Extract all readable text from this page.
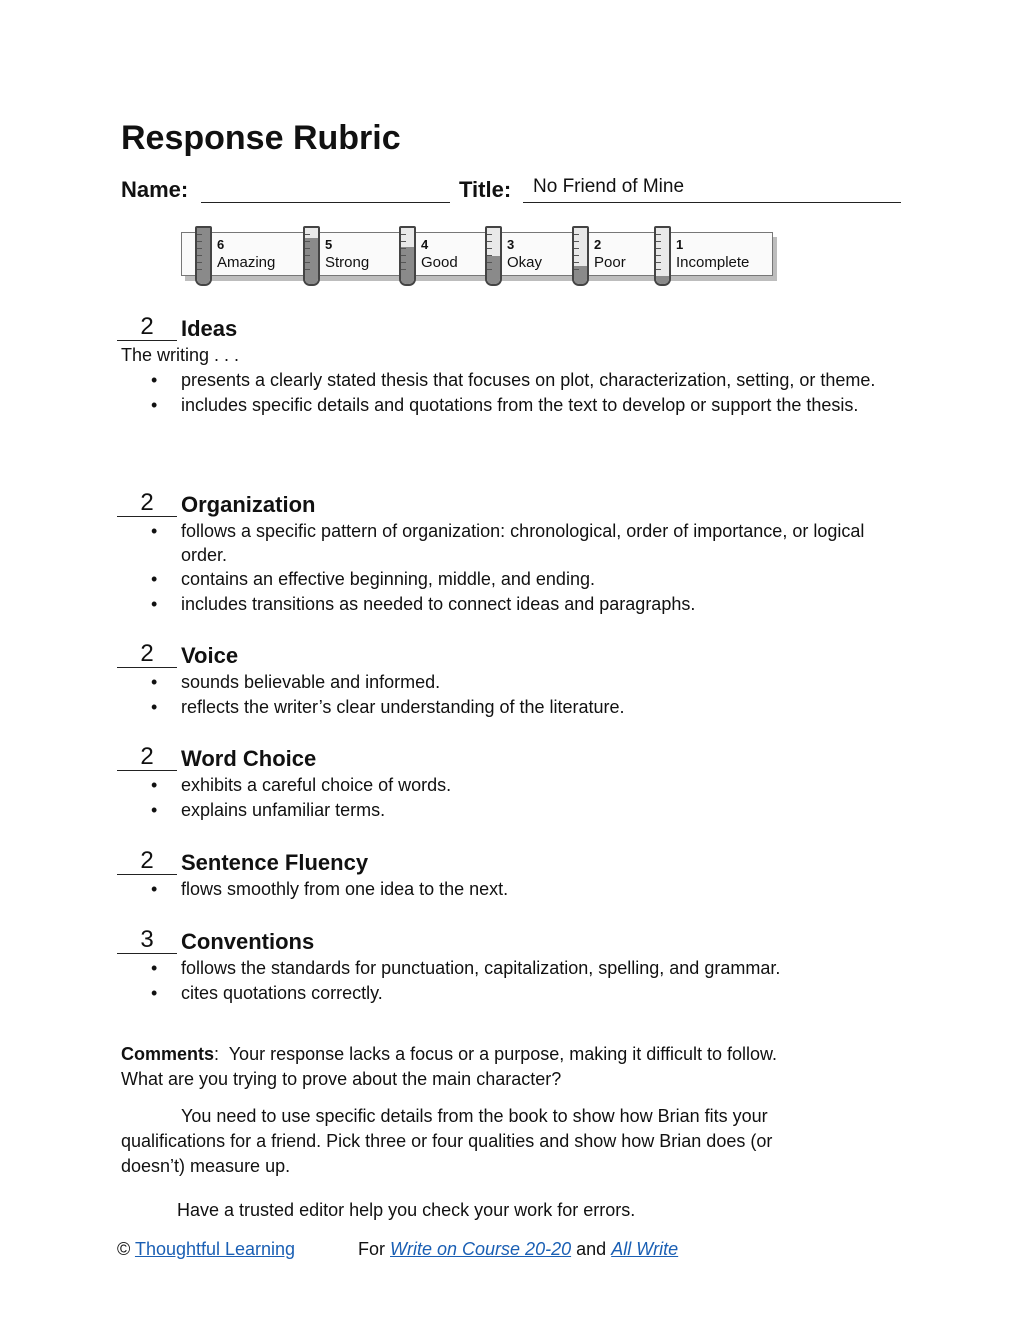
Response Rubric
Name:	Title: No Friend of Mine
6
Amazing
5
Strong
4
Good
3
Okay
2
Poor
1
Incomplete
2	Ideas
The writing . . .
• presents a clearly stated thesis that focuses on plot, characterization, setting, or theme.
• includes specific details and quotations from the text to develop or support the thesis.
2	Organization
• follows a specific pattern of organization: chronological, order of importance, or logical order.
• contains an effective beginning, middle, and ending.
• includes transitions as needed to connect ideas and paragraphs.
2	Voice
• sounds believable and informed.
• reflects the writer’s clear understanding of the literature.
2	Word Choice
• exhibits a careful choice of words.
• explains unfamiliar terms.
2	Sentence Fluency
• flows smoothly from one idea to the next.
3	Conventions
• follows the standards for punctuation, capitalization, spelling, and grammar.
• cites quotations correctly.
Comments:  Your response lacks a focus or a purpose, making it difficult to follow. What are you trying to prove about the main character?
You need to use specific details from the book to show how Brian fits your qualifications for a friend. Pick three or four qualities and show how Brian does (or doesn’t) measure up.
Have a trusted editor help you check your work for errors.
© Thoughtful Learning	For Write on Course 20-20 and All Write
